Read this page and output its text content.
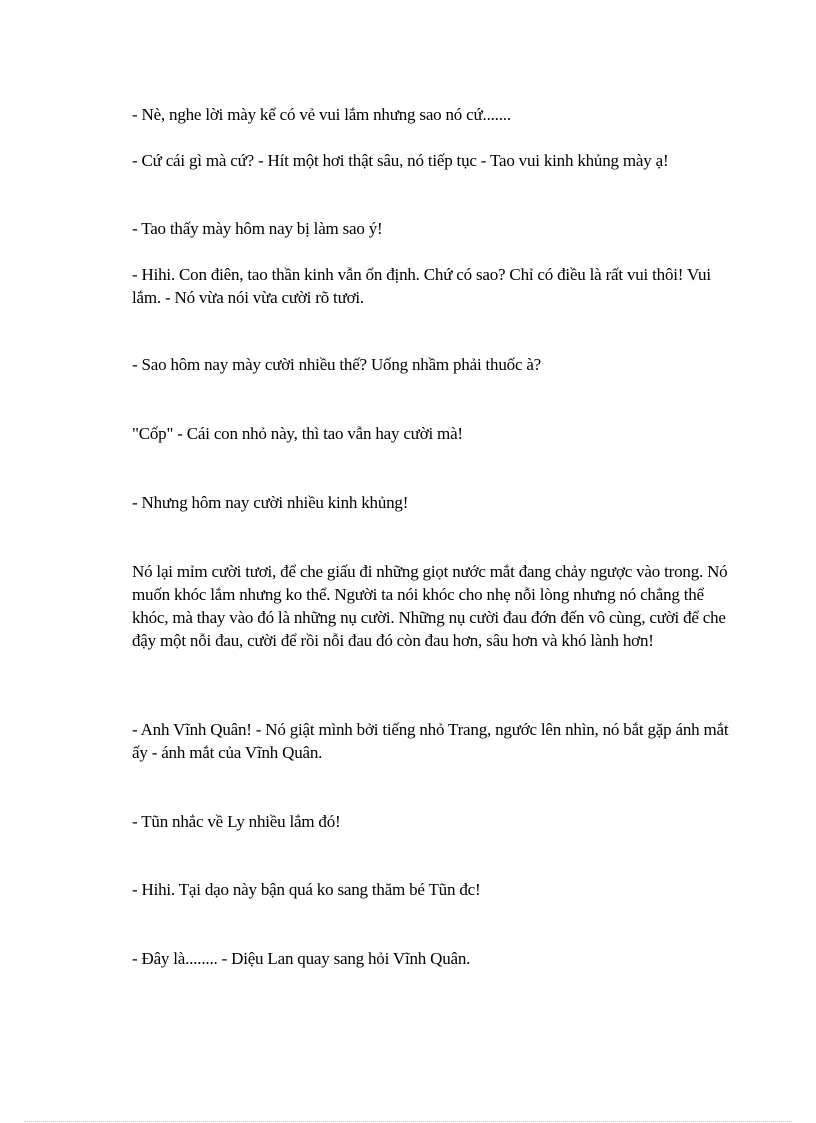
- Nè, nghe lời mày kể có vẻ vui lắm nhưng sao nó cứ.......

- Cứ cái gì mà cứ? - Hít một hơi thật sâu, nó tiếp tục - Tao vui kinh khủng mày ạ!

- Tao thấy mày hôm nay bị làm sao ý!

- Hihi. Con điên, tao thần kinh vẫn ổn định. Chứ có sao? Chỉ có điều là rất vui thôi! Vui lắm. - Nó vừa nói vừa cười rõ tươi.

- Sao hôm nay mày cười nhiều thế? Uống nhầm phải thuốc à?

"Cốp" - Cái con nhỏ này, thì tao vẫn hay cười mà!

- Nhưng hôm nay cười nhiều kinh khủng!

Nó lại mỉm cười tươi, để che giấu đi những giọt nước mắt đang chảy ngược vào trong. Nó muốn khóc lắm nhưng ko thể. Người ta nói khóc cho nhẹ nỗi lòng nhưng nó chẳng thể khóc, mà thay vào đó là những nụ cười. Những nụ cười đau đớn đến vô cùng, cười để che đậy một nỗi đau, cười để rồi nỗi đau đó còn đau hơn, sâu hơn và khó lành hơn!

- Anh Vĩnh Quân! - Nó giật mình bởi tiếng nhỏ Trang, ngước lên nhìn, nó bắt gặp ánh mắt ấy - ánh mắt của Vĩnh Quân.

- Tũn nhắc về Ly nhiều lắm đó!

- Hihi. Tại dạo này bận quá ko sang thăm bé Tũn đc!

- Đây là........ - Diệu Lan quay sang hỏi Vĩnh Quân.
